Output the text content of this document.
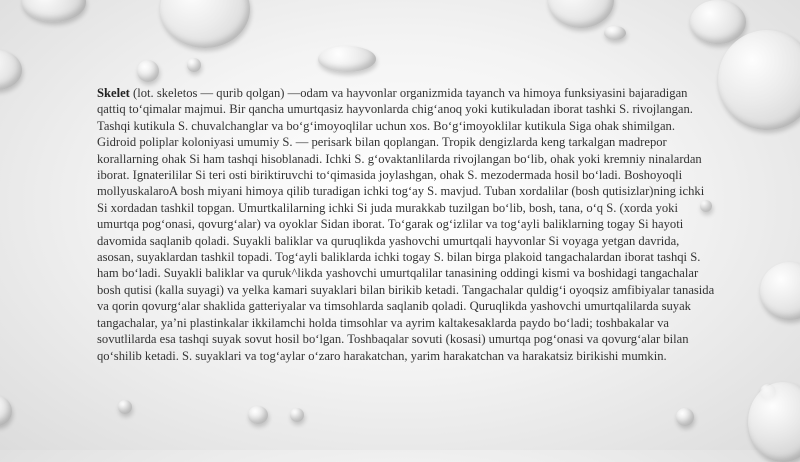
Skelet (lot. skeletos — qurib qolgan) —odam va hayvonlar organizmida tayanch va himoya funksiyasini bajaradigan qattiq toʻqimalar majmui. Bir qancha umurtqasiz hayvonlarda chigʻanoq yoki kutikuladan iborat tashki S. rivojlangan. Tashqi kutikula S. chuvalchanglar va boʻgʻimoyoqlilar uchun xos. Boʻgʻimoyoklilar kutikula Siga ohak shimilgan. Gidroid poliplar koloniyasi umumiy S. — perisark bilan qoplangan. Tropik dengizlarda keng tarkalgan madrepor korallarning ohak Si ham tashqi hisoblanadi. Ichki S. gʻovaktanlilarda rivojlangan boʻlib, ohak yoki kremniy ninalardan iborat. Ignaterililar Si teri osti biriktiruvchi toʻqimasida joylashgan, ohak S. mezodermada hosil boʻladi. Boshoyoqli mollyuskalaroA bosh miyani himoya qilib turadigan ichki togʻay S. mavjud. Tuban xordalilar (bosh qutisizlar)ning ichki Si xordadan tashkil topgan. Umurtkalilarning ichki Si juda murakkab tuzilgan boʻlib, bosh, tana, oʻq S. (xorda yoki umurtqa pogʻonasi, qovurgʻalar) va oyoklar Sidan iborat. Toʻgarak ogʻizlilar va togʻayli baliklarning togay Si hayoti davomida saqlanib qoladi. Suyakli baliklar va quruqlikda yashovchi umurtqali hayvonlar Si voyaga yetgan davrida, asosan, suyaklardan tashkil topadi. Togʻayli baliklarda ichki togay S. bilan birga plakoid tangachalardan iborat tashqi S. ham boʻladi. Suyakli baliklar va quruk^likda yashovchi umurtqalilar tanasining oddingi kismi va boshidagi tangachalar bosh qutisi (kalla suyagi) va yelka kamari suyaklari bilan birikib ketadi. Tangachalar quldigʻi oyoqsiz amfibiyalar tanasida va qorin qovurgʻalar shaklida gatteriyalar va timsohlarda saqlanib qoladi. Quruqlikda yashovchi umurtqalilarda suyak tangachalar, yaʼni plastinkalar ikkilamchi holda timsohlar va ayrim kaltakesaklarda paydo boʻladi; toshbakalar va sovutlilarda esa tashqi suyak sovut hosil boʻlgan. Toshbaqalar sovuti (kosasi) umurtqa pogʻonasi va qovurgʻalar bilan qoʻshilib ketadi. S. suyaklari va togʻaylar oʻzaro harakatchan, yarim harakatchan va harakatsiz birikishi mumkin.
